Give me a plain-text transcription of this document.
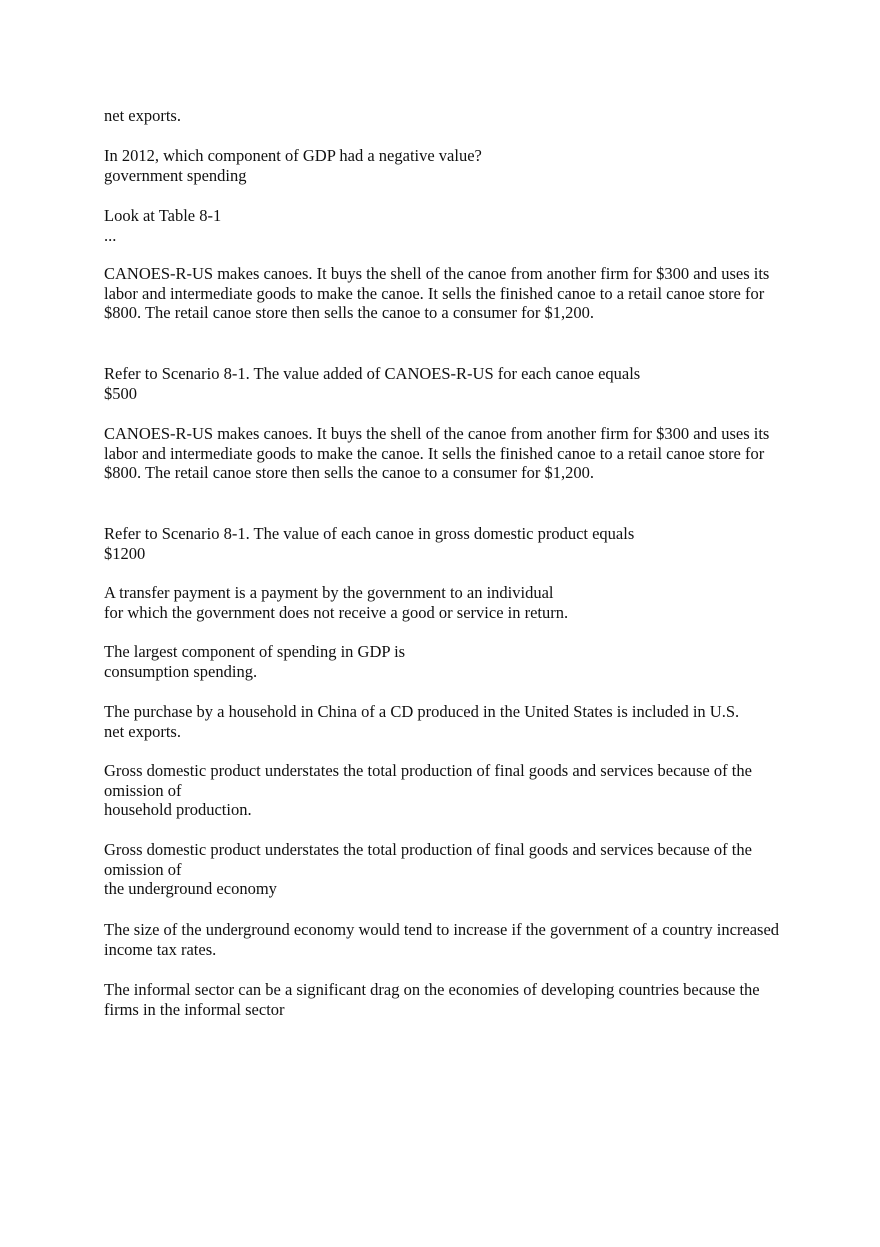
net exports.

In 2012, which component of GDP had a negative value?

government spending

Look at Table 8-1

...

CANOES-R-US makes canoes. It buys the shell of the canoe from another firm for $300 and uses its labor and intermediate goods to make the canoe. It sells the finished canoe to a retail canoe store for $800. The retail canoe store then sells the canoe to a consumer for $1,200.

Refer to Scenario 8-1. The value added of CANOES-R-US for each canoe equals

$500

CANOES-R-US makes canoes. It buys the shell of the canoe from another firm for $300 and uses its labor and intermediate goods to make the canoe. It sells the finished canoe to a retail canoe store for $800. The retail canoe store then sells the canoe to a consumer for $1,200.

Refer to Scenario 8-1. The value of each canoe in gross domestic product equals

$1200

A transfer payment is a payment by the government to an individual

for which the government does not receive a good or service in return.

The largest component of spending in GDP is

consumption spending.

The purchase by a household in China of a CD produced in the United States is included in U.S.

net exports.

Gross domestic product understates the total production of final goods and services because of the omission of

household production.

Gross domestic product understates the total production of final goods and services because of the omission of

the underground economy

The size of the underground economy would tend to increase if the government of a country increased income tax rates.

The informal sector can be a significant drag on the economies of developing countries because the firms in the informal sector
